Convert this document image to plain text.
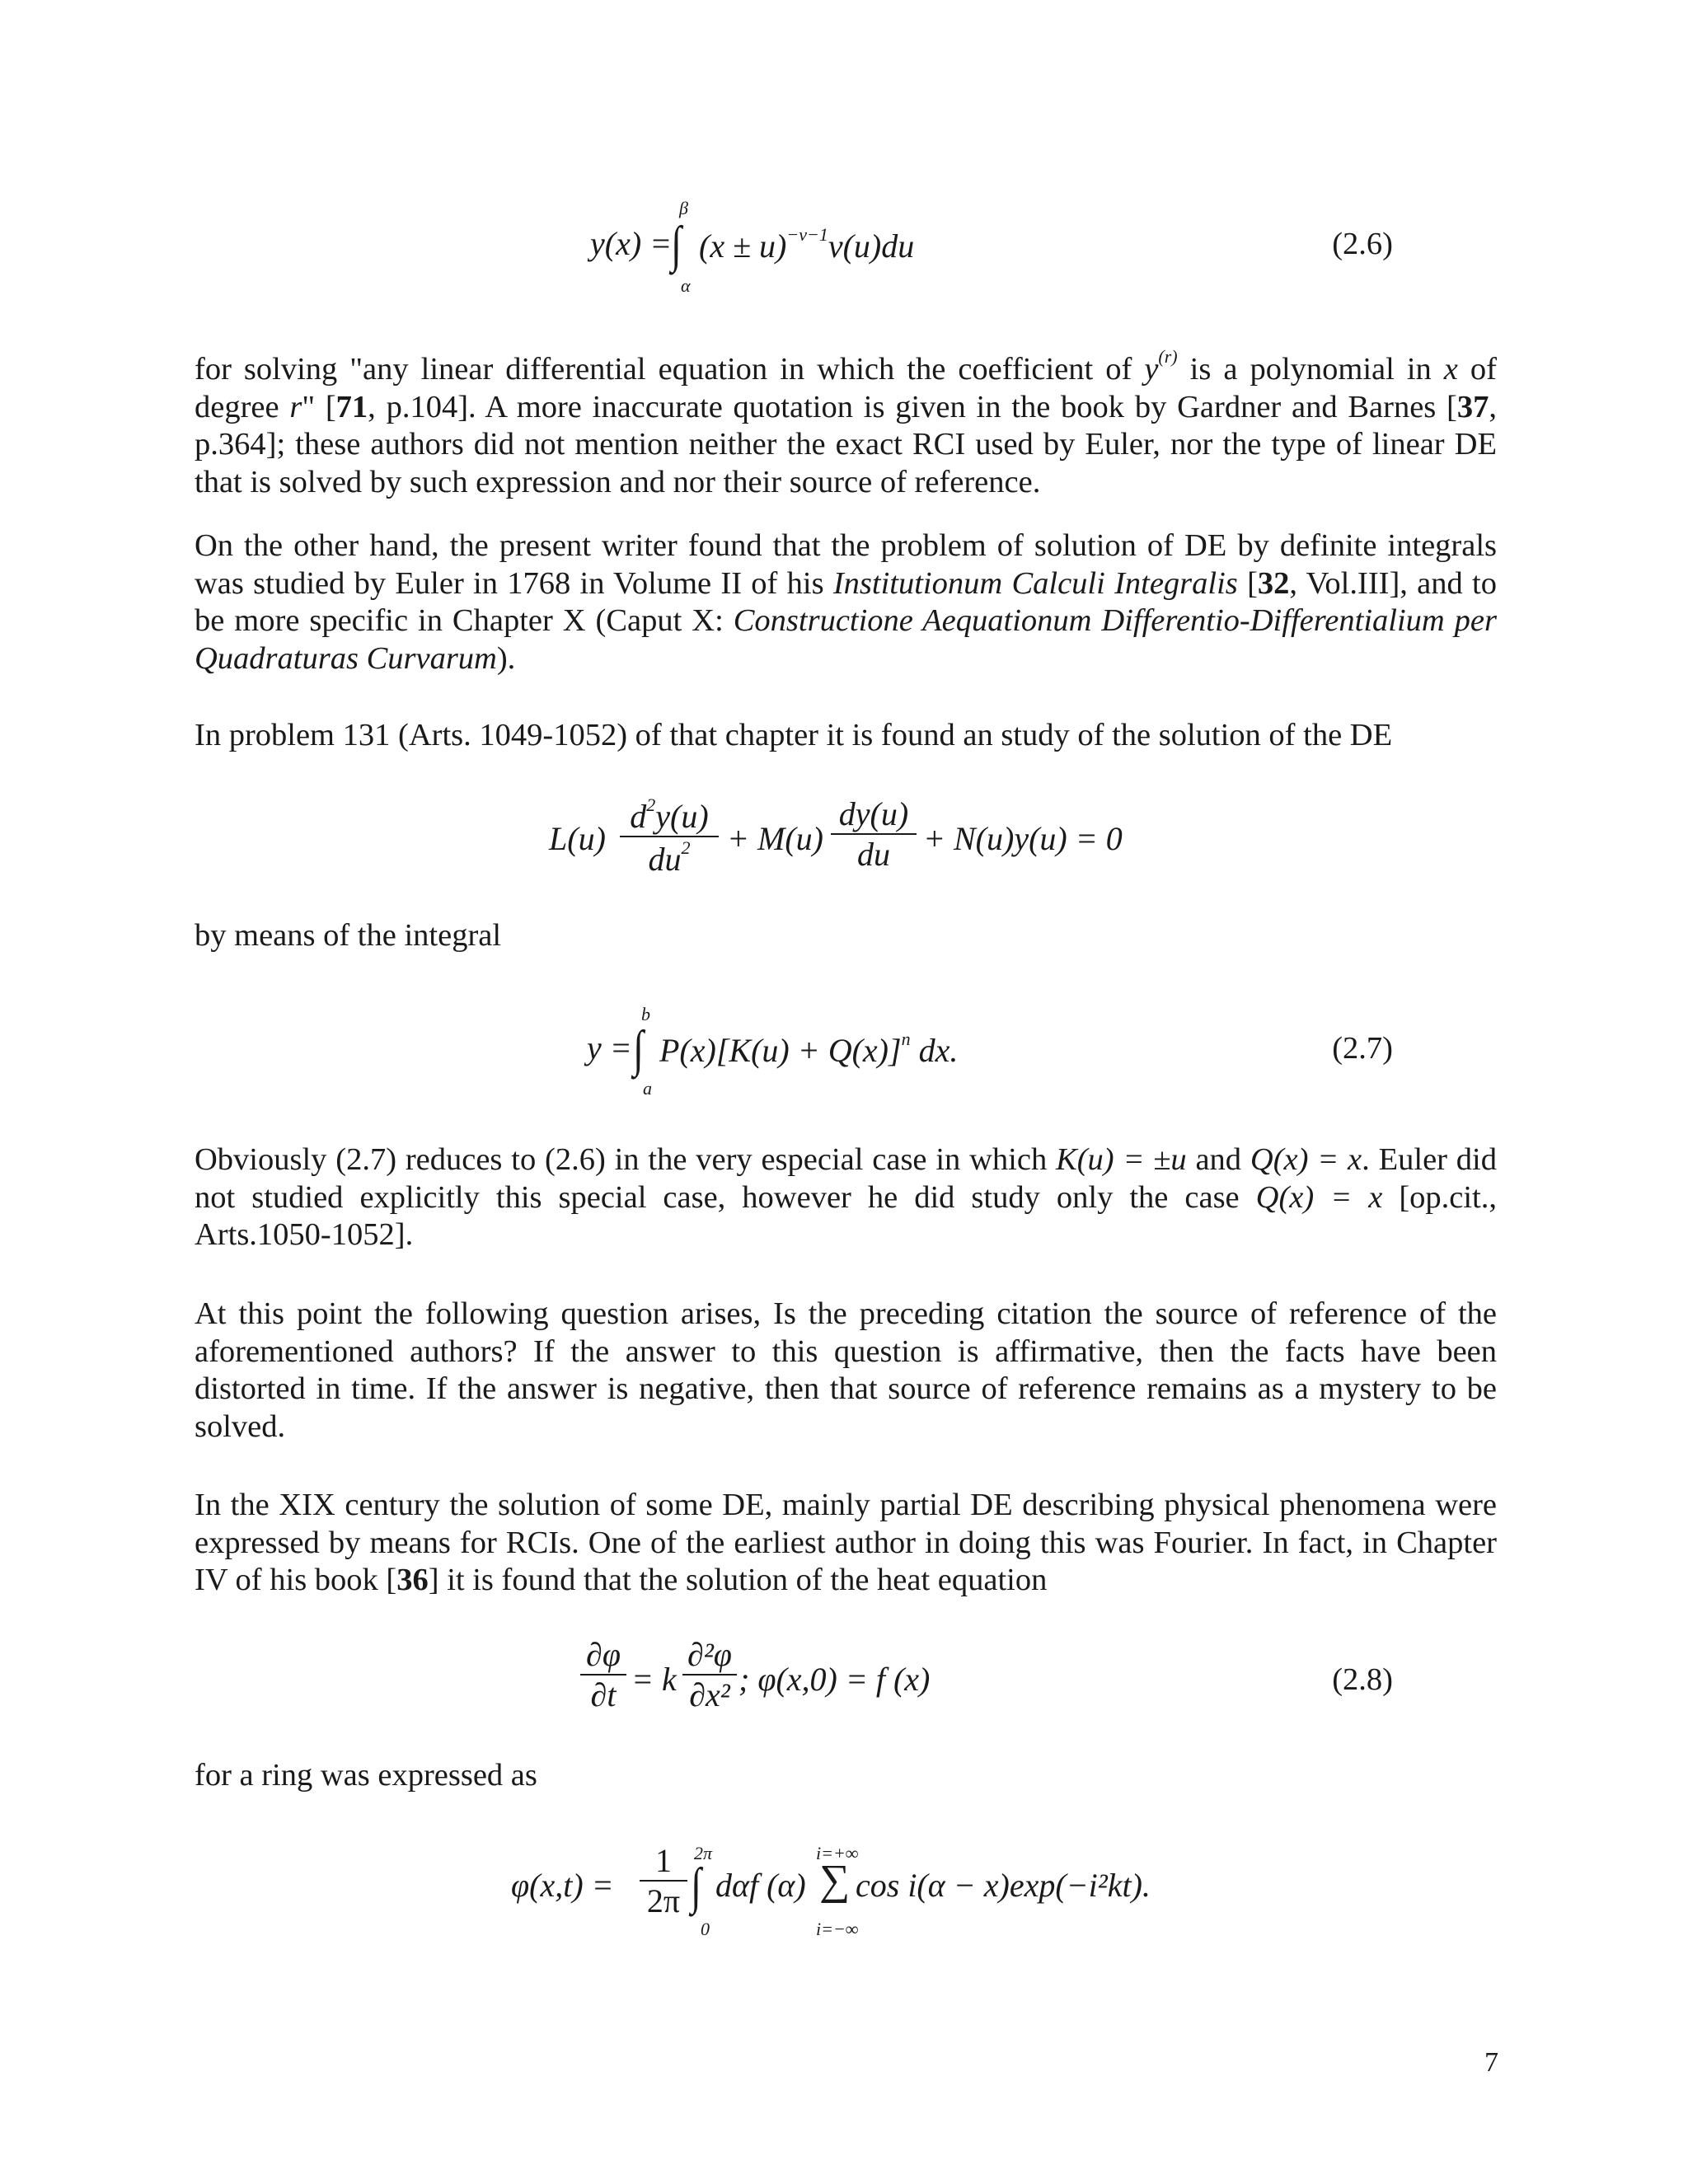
β
y(x) =
∫
α
$(x \pm u)^{-\nu-1}\nu(u)du$	(2.6)

for solving "any linear differential equation in which the coefficient of $y^{(r)}$ is a polynomial in x of degree r" [71, p.104]. A more inaccurate quotation is given in the book by Gardner and Barnes [37, p.364]; these authors did not mention neither the exact RCI used by Euler, nor the type of linear DE that is solved by such expression and nor their source of reference.

On the other hand, the present writer found that the problem of solution of DE by definite integrals was studied by Euler in 1768 in Volume II of his Institutionum Calculi Integralis [32, Vol.III], and to be more specific in Chapter X (Caput X: Constructione Aequationum Differentio-Differentialium per Quadraturas Curvarum).

In problem 131 (Arts. 1049-1052) of that chapter it is found an study of the solution of the DE

$L(u) \frac{d^2y(u)}{du^2} + M(u) \frac{dy(u)}{du} + N(u)y(u) = 0$

by means of the integral

b
y = ∫
a
$P(x)[K(u) + Q(x)]^n$ dx.	(2.7)

Obviously (2.7) reduces to (2.6) in the very especial case in which K(u) = ±u and Q(x) = x. Euler did not studied explicitly this special case, however he did study only the case Q(x) = x [op.cit., Arts.1050-1052].

At this point the following question arises, Is the preceding citation the source of reference of the aforementioned authors? If the answer to this question is affirmative, then the facts have been distorted in time. If the answer is negative, then that source of reference remains as a mystery to be solved.

In the XIX century the solution of some DE, mainly partial DE describing physical phenomena were expressed by means for RCIs. One of the earliest author in doing this was Fourier. In fact, in Chapter IV of his book [36] it is found that the solution of the heat equation

$\frac{\partial\varphi}{\partial t} = k \frac{\text{∂²φ}}{\text{∂x²}}$ ; φ(x,0) = f (x)	(2.8)

for a ring was expressed as

$\varphi(x,t) = \frac{1}{2\pi} 2\pi$
∫
0
dαf (α)
i=+∞
∑
i=−∞
cos i(α − x)exp(−i²kt).
7
